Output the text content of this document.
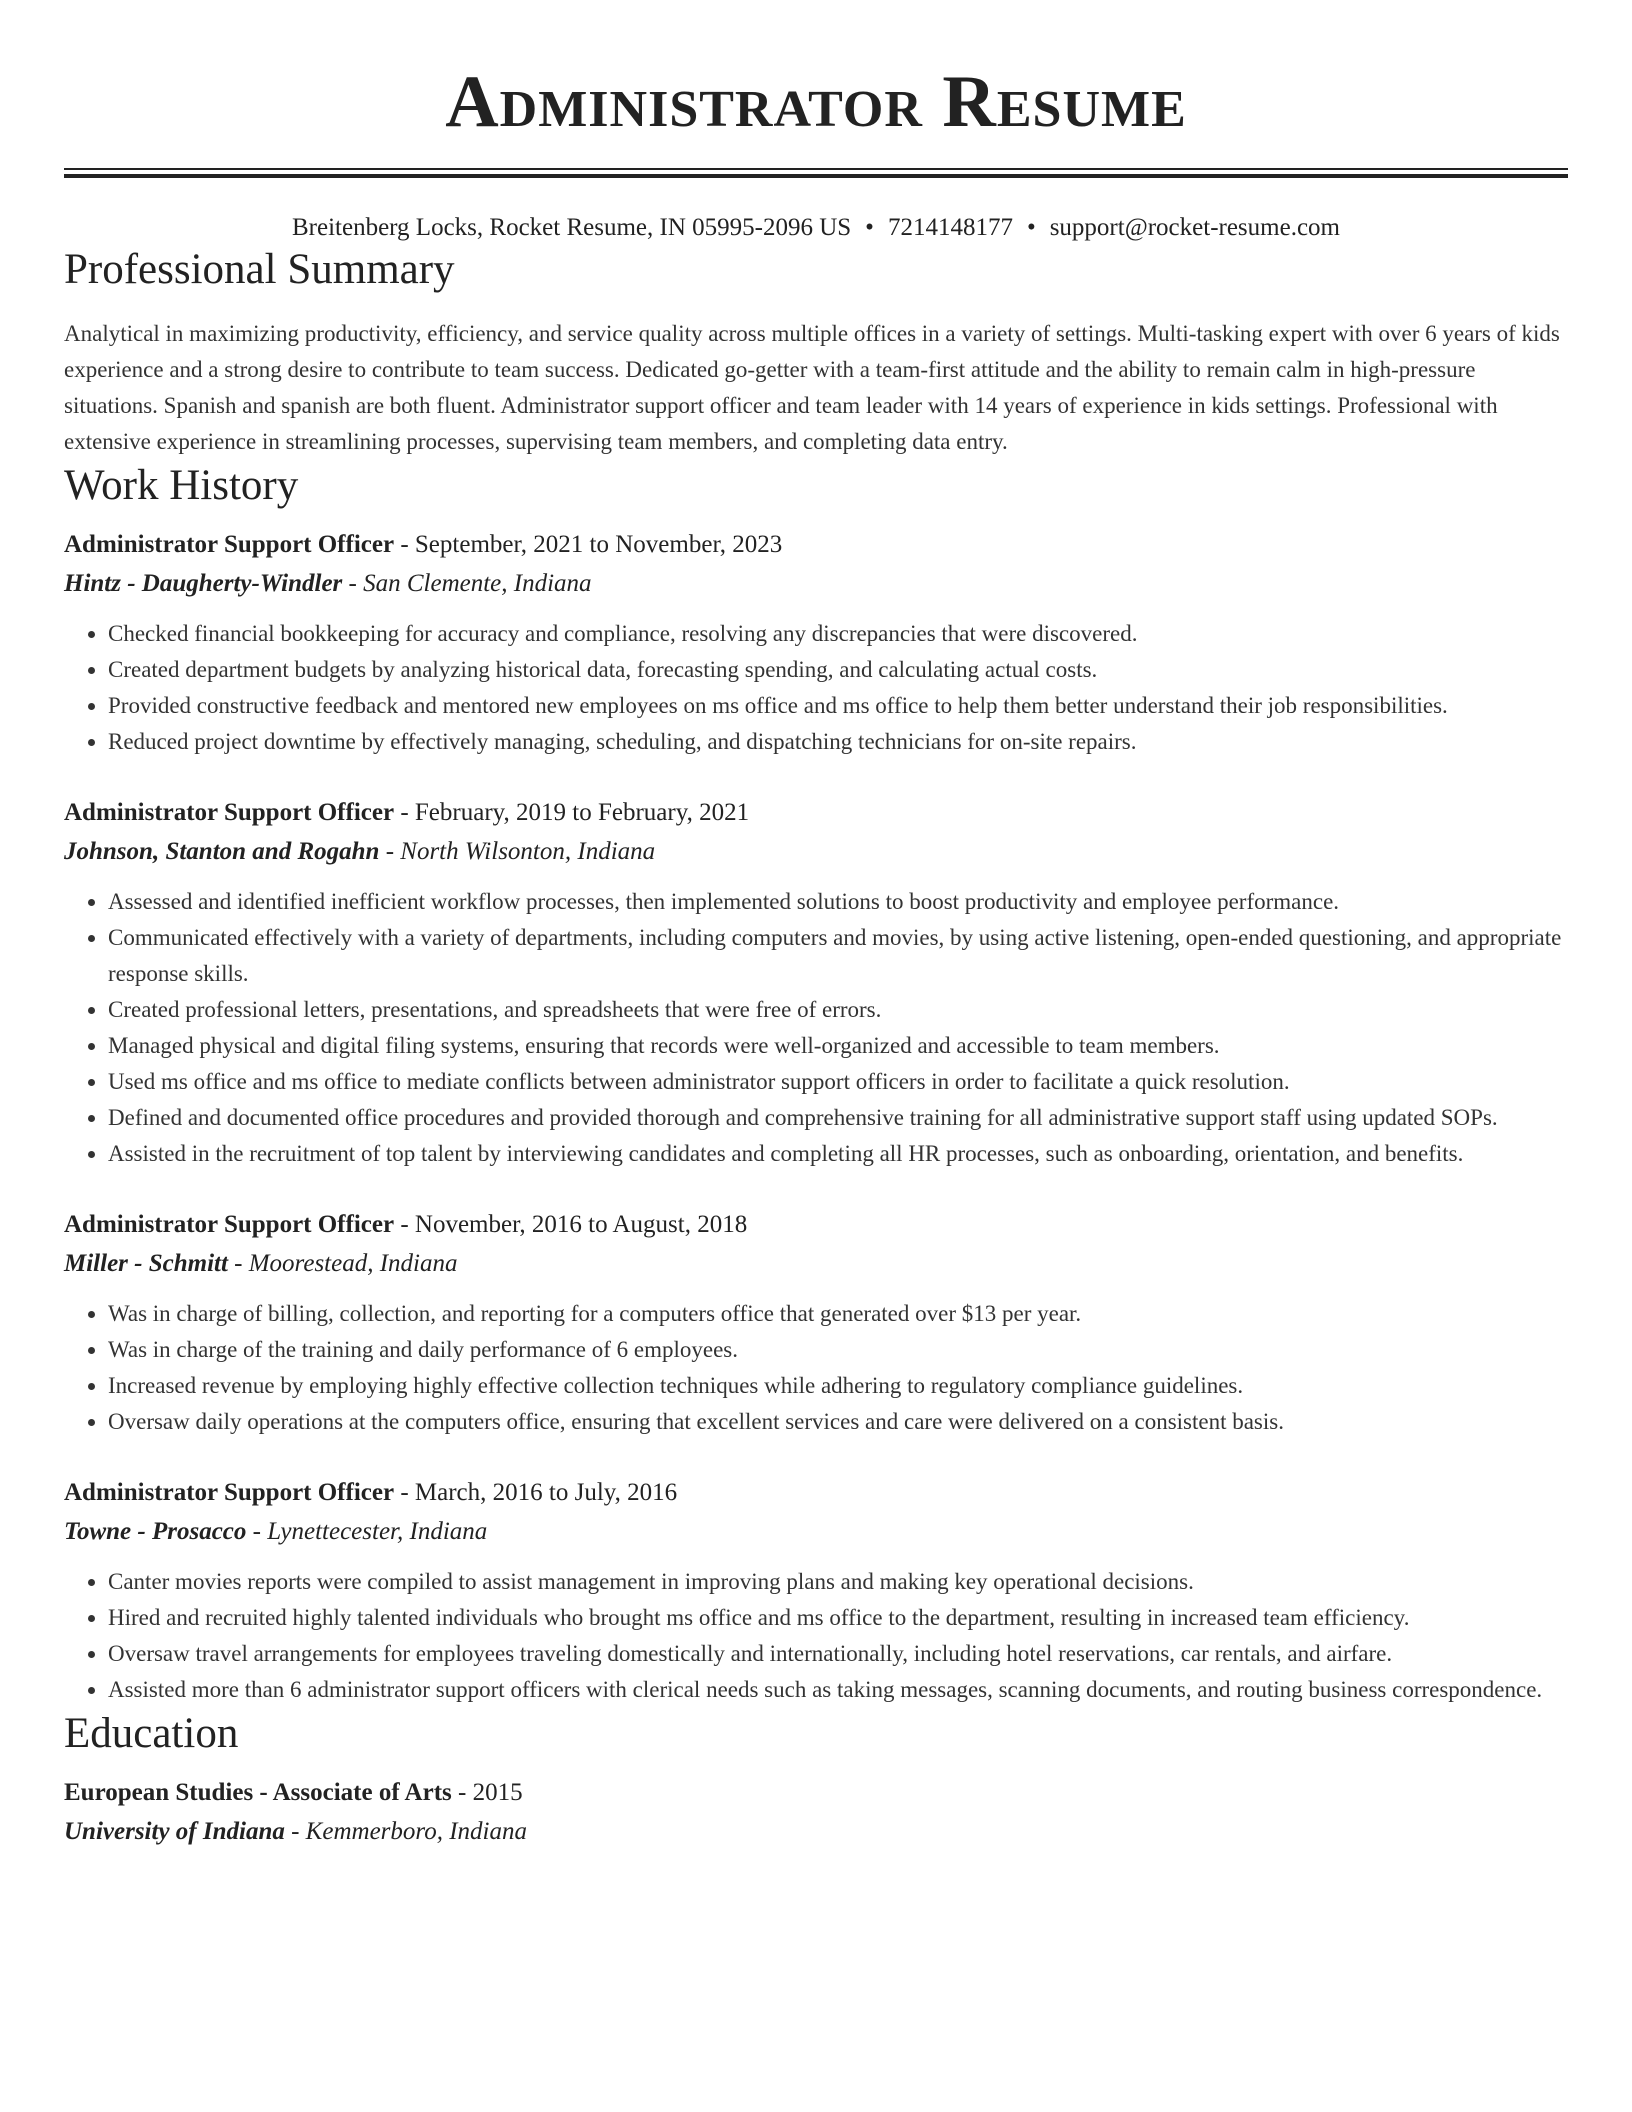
Administrator Resume
Breitenberg Locks, Rocket Resume, IN 05995-2096 US • 7214148177 • support@rocket-resume.com
Professional Summary

Analytical in maximizing productivity, efficiency, and service quality across multiple offices in a variety of settings. Multi-tasking expert with over 6 years of kids experience and a strong desire to contribute to team success. Dedicated go-getter with a team-first attitude and the ability to remain calm in high-pressure situations. Spanish and spanish are both fluent. Administrator support officer and team leader with 14 years of experience in kids settings. Professional with extensive experience in streamlining processes, supervising team members, and completing data entry.

Work History
Administrator Support Officer - September, 2021 to November, 2023
Hintz - Daugherty-Windler - San Clemente, Indiana
• Checked financial bookkeeping for accuracy and compliance, resolving any discrepancies that were discovered.
• Created department budgets by analyzing historical data, forecasting spending, and calculating actual costs.
• Provided constructive feedback and mentored new employees on ms office and ms office to help them better understand their job responsibilities.
• Reduced project downtime by effectively managing, scheduling, and dispatching technicians for on-site repairs.
Administrator Support Officer - February, 2019 to February, 2021
Johnson, Stanton and Rogahn - North Wilsonton, Indiana
• Assessed and identified inefficient workflow processes, then implemented solutions to boost productivity and employee performance.
• Communicated effectively with a variety of departments, including computers and movies, by using active listening, open-ended questioning, and appropriate response skills.
• Created professional letters, presentations, and spreadsheets that were free of errors.
• Managed physical and digital filing systems, ensuring that records were well-organized and accessible to team members.
• Used ms office and ms office to mediate conflicts between administrator support officers in order to facilitate a quick resolution.
• Defined and documented office procedures and provided thorough and comprehensive training for all administrative support staff using updated SOPs.
• Assisted in the recruitment of top talent by interviewing candidates and completing all HR processes, such as onboarding, orientation, and benefits.
Administrator Support Officer - November, 2016 to August, 2018
Miller - Schmitt - Moorestead, Indiana
• Was in charge of billing, collection, and reporting for a computers office that generated over $13 per year.
• Was in charge of the training and daily performance of 6 employees.
• Increased revenue by employing highly effective collection techniques while adhering to regulatory compliance guidelines.
• Oversaw daily operations at the computers office, ensuring that excellent services and care were delivered on a consistent basis.
Administrator Support Officer - March, 2016 to July, 2016
Towne - Prosacco - Lynettecester, Indiana
• Canter movies reports were compiled to assist management in improving plans and making key operational decisions.
• Hired and recruited highly talented individuals who brought ms office and ms office to the department, resulting in increased team efficiency.
• Oversaw travel arrangements for employees traveling domestically and internationally, including hotel reservations, car rentals, and airfare.
• Assisted more than 6 administrator support officers with clerical needs such as taking messages, scanning documents, and routing business correspondence.
Education
European Studies - Associate of Arts - 2015
University of Indiana - Kemmerboro, Indiana
